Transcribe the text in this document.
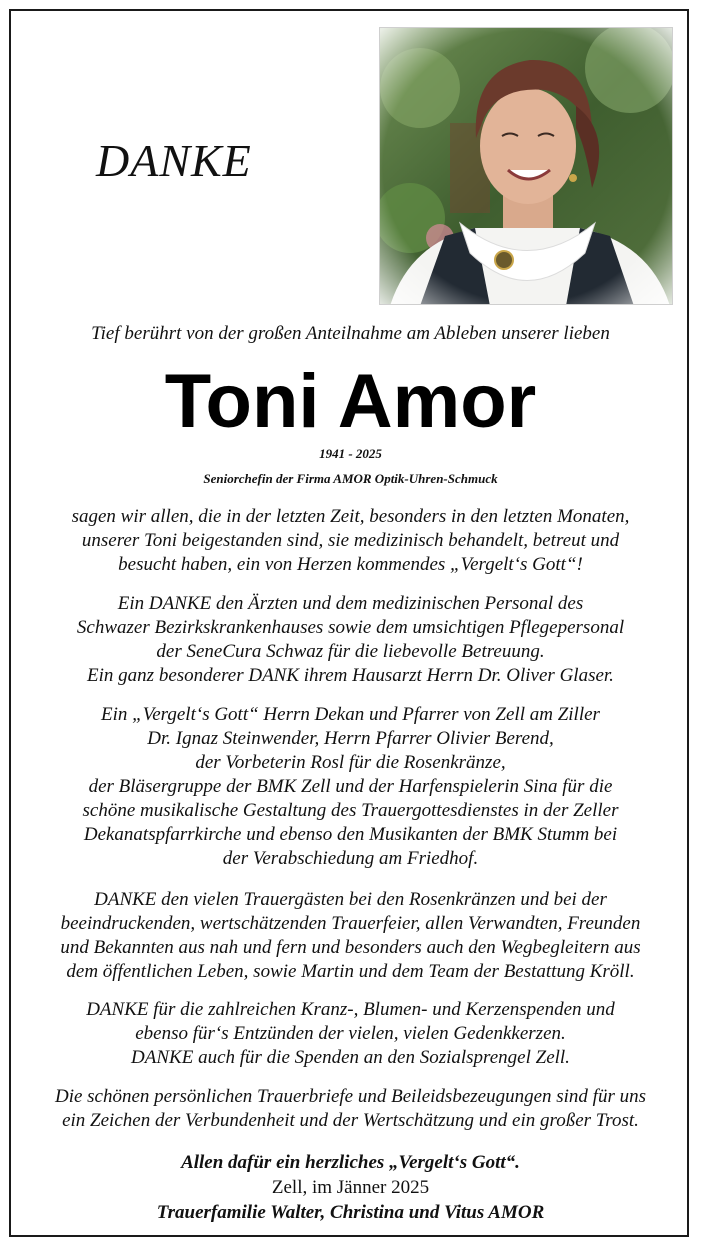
DANKE
Tief berührt von der großen Anteilnahme am Ableben unserer lieben
Toni Amor
1941 - 2025
Seniorchefin der Firma AMOR Optik-Uhren-Schmuck
sagen wir allen, die in der letzten Zeit, besonders in den letzten Monaten,
unserer Toni beigestanden sind, sie medizinisch behandelt, betreut und
besucht haben, ein von Herzen kommendes „Vergelt‘s Gott“!
Ein DANKE den Ärzten und dem medizinischen Personal des
Schwazer Bezirkskrankenhauses sowie dem umsichtigen Pflegepersonal
der SeneCura Schwaz für die liebevolle Betreuung.
Ein ganz besonderer DANK ihrem Hausarzt Herrn Dr. Oliver Glaser.
Ein „Vergelt‘s Gott“ Herrn Dekan und Pfarrer von Zell am Ziller
Dr. Ignaz Steinwender, Herrn Pfarrer Olivier Berend,
der Vorbeterin Rosl für die Rosenkränze,
der Bläsergruppe der BMK Zell und der Harfenspielerin Sina für die
schöne musikalische Gestaltung des Trauergottesdienstes in der Zeller
Dekanatspfarrkirche und ebenso den Musikanten der BMK Stumm bei
der Verabschiedung am Friedhof.
DANKE den vielen Trauergästen bei den Rosenkränzen und bei der
beeindruckenden, wertschätzenden Trauerfeier, allen Verwandten, Freunden
und Bekannten aus nah und fern und besonders auch den Wegbegleitern aus
dem öffentlichen Leben, sowie Martin und dem Team der Bestattung Kröll.
DANKE für die zahlreichen Kranz-, Blumen- und Kerzenspenden und
ebenso für‘s Entzünden der vielen, vielen Gedenkkerzen.
DANKE auch für die Spenden an den Sozialsprengel Zell.
Die schönen persönlichen Trauerbriefe und Beileidsbezeugungen sind für uns
ein Zeichen der Verbundenheit und der Wertschätzung und ein großer Trost.
Allen dafür ein herzliches „Vergelt‘s Gott“.
Zell, im Jänner 2025
Trauerfamilie Walter, Christina und Vitus AMOR
